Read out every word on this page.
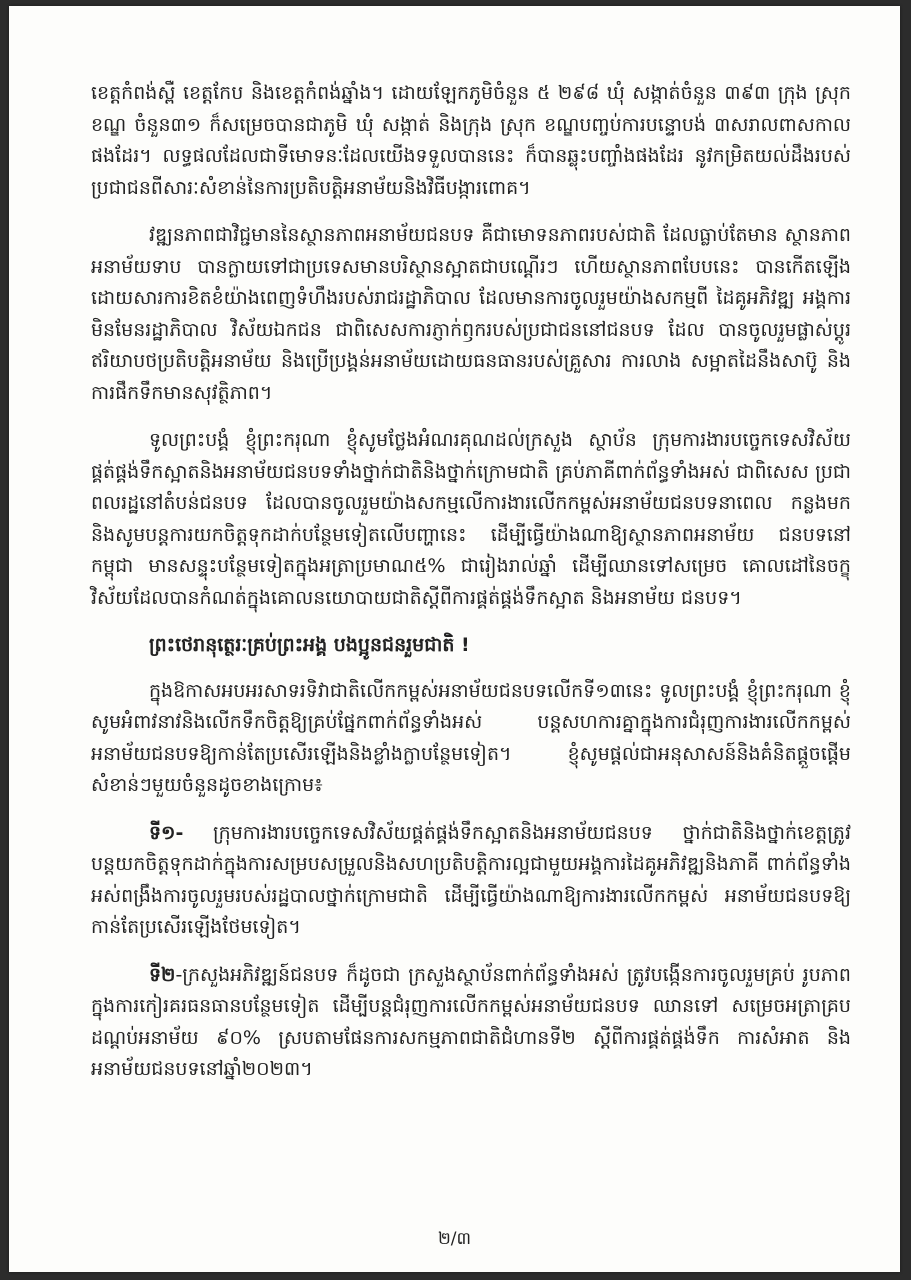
ខេត្តកំពង់ស្ពឺ ខេត្តកែប និងខេត្តកំពង់ឆ្នាំង។ ដោយឡែកភូមិចំនួន ៥ ២៩៨ ឃុំ សង្កាត់ចំនួន ៣៩៣ ក្រុង ស្រុក ខណ្ឌ ចំនួន៣១ ក៏សម្រេចបានជាភូមិ ឃុំ សង្កាត់ និងក្រុង ស្រុក ខណ្ឌបញ្ចប់ការបន្ទោបង់ ៣សរាលពាសកាលផងដែរ។ លទ្ធផលដែលជាទីមោទនៈដែលយើងទទួលបាននេះ ក៏បានឆ្លុះបញ្ចាំងផងដែរ នូវកម្រិតយល់ដឹងរបស់ប្រជាជនពីសារៈសំខាន់នៃការប្រតិបត្តិអនាម័យនិងវិធីបង្ការពោគ។

វឌ្ឍនភាពជាវិជ្ជមាននៃស្ថានភាពអនាម័យជនបទ គឺជាមោទនភាពរបស់ជាតិ ដែលធ្លាប់តែមាន ស្ថានភាពអនាម័យទាប បានក្លាយទៅជាប្រទេសមានបរិស្ថានស្អាតជាបណ្ដើរៗ ហើយស្ថានភាពបែបនេះ បានកើតឡើងដោយសារការខិតខំយ៉ាងពេញទំហឹងរបស់រាជរដ្ឋាភិបាល ដែលមានការចូលរួមយ៉ាងសកម្មពី ដៃគូអភិវឌ្ឍ អង្គការមិនមែនរដ្ឋាភិបាល វិស័យឯកជន ជាពិសេសការភ្ញាក់ឭករបស់ប្រជាជននៅជនបទ ដែល បានចូលរួមផ្លាស់ប្ដូរឥរិយាបថប្រតិបត្តិអនាម័យ និងប្រើប្រង្គន់អនាម័យដោយធនធានរបស់គ្រួសារ ការលាង សម្អាតដៃនឹងសាប៊ូ និងការផឹកទឹកមានសុវត្ថិភាព។

ទូលព្រះបង្គំ ខ្ញុំព្រះករុណា ខ្ញុំសូមថ្លែងអំណរគុណដល់ក្រសួង ស្ថាប័ន ក្រុមការងារបច្ចេកទេសវិស័យ ផ្គត់ផ្គង់ទឹកស្អាតនិងអនាម័យជនបទទាំងថ្នាក់ជាតិនិងថ្នាក់ក្រោមជាតិ គ្រប់ភាគីពាក់ព័ន្ធទាំងអស់ ជាពិសេស ប្រជាពលរដ្ឋនៅតំបន់ជនបទ ដែលបានចូលរួមយ៉ាងសកម្មលើការងារលើកកម្ពស់អនាម័យជនបទនាពេល កន្លងមក និងសូមបន្តការយកចិត្តទុកដាក់បន្ថែមទៀតលើបញ្ហានេះ ដើម្បីធ្វើយ៉ាងណាឱ្យស្ថានភាពអនាម័យ ជនបទនៅកម្ពុជា មានសន្ទុះបន្ថែមទៀតក្នុងអត្រាប្រមាណ៥% ជារៀងរាល់ឆ្នាំ ដើម្បីឈានទៅសម្រេច គោលដៅនៃចក្ខុវិស័យដែលបានកំណត់ក្នុងគោលនយោបាយជាតិស្ដីពីការផ្គត់ផ្គង់ទឹកស្អាត និងអនាម័យ ជនបទ។

ព្រះថេរានុត្ថេរៈគ្រប់ព្រះអង្គ បងប្អូនជនរួមជាតិ !

ក្នុងឱកាសអបអរសាទរទិវាជាតិលើកកម្ពស់អនាម័យជនបទលើកទី១៣នេះ ទូលព្រះបង្គំ ខ្ញុំព្រះករុណា ខ្ញុំសូមអំពាវនាវនិងលើកទឹកចិត្តឱ្យគ្រប់ផ្នែកពាក់ព័ន្ធទាំងអស់ បន្តសហការគ្នាក្នុងការជំរុញការងារលើកកម្ពស់ អនាម័យជនបទឱ្យកាន់តែប្រសើរឡើងនិងខ្លាំងក្លាបន្ថែមទៀត។ ខ្ញុំសូមផ្ដល់ជាអនុសាសន៍និងគំនិតផ្ដួចផ្ដើម សំខាន់ៗមួយចំនួនដូចខាងក្រោម៖

ទី១- ក្រុមការងារបច្ចេកទេសវិស័យផ្គត់ផ្គង់ទឹកស្អាតនិងអនាម័យជនបទ ថ្នាក់ជាតិនិងថ្នាក់ខេត្តត្រូវ បន្តយកចិត្តទុកដាក់ក្នុងការសម្របសម្រួលនិងសហប្រតិបត្តិការល្អជាមួយអង្គការដៃគូអភិវឌ្ឍនិងភាគី ពាក់ព័ន្ធទាំងអស់ពង្រឹងការចូលរួមរបស់រដ្ឋបាលថ្នាក់ក្រោមជាតិ ដើម្បីធ្វើយ៉ាងណាឱ្យការងារលើកកម្ពស់ អនាម័យជនបទឱ្យកាន់តែប្រសើរឡើងថែមទៀត។

ទី២-ក្រសួងអភិវឌ្ឍន៍ជនបទ ក៏ដូចជា ក្រសួងស្ថាប័នពាក់ព័ន្ធទាំងអស់ ត្រូវបង្កើនការចូលរួមគ្រប់ រូបភាព ក្នុងការកៀរគរធនធានបន្ថែមទៀត ដើម្បីបន្តជំរុញការលើកកម្ពស់អនាម័យជនបទ ឈានទៅ សម្រេចអត្រាគ្របដណ្ដប់អនាម័យ ៩០% ស្របតាមផែនការសកម្មភាពជាតិជំហានទី២ ស្ដីពីការផ្គត់ផ្គង់ទឹក ការសំអាត និងអនាម័យជនបទនៅឆ្នាំ២០២៣។

២/៣
